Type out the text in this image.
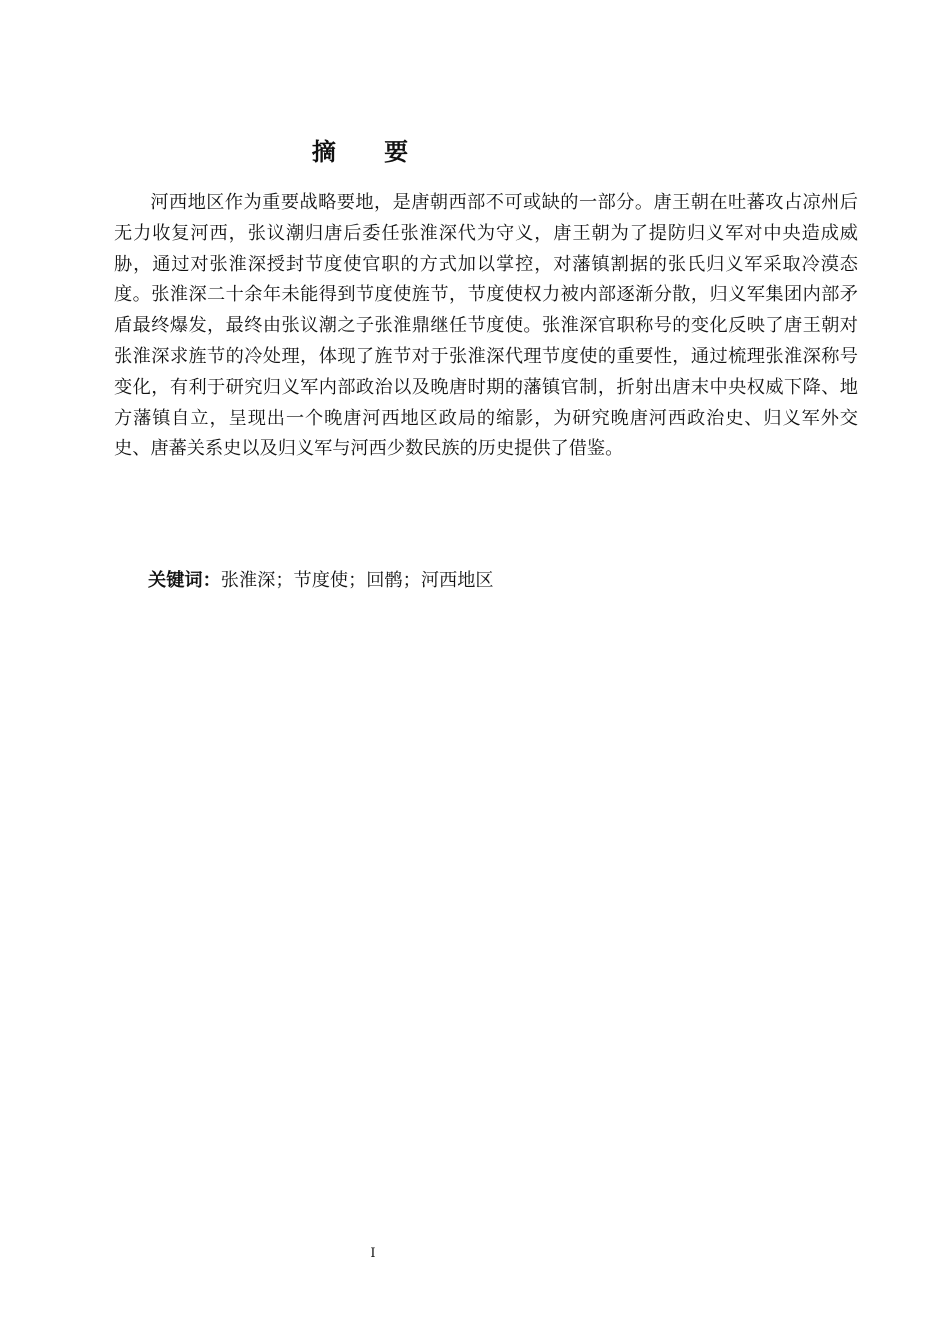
摘 要

河西地区作为重要战略要地，是唐朝西部不可或缺的一部分。唐王朝在吐蕃攻占凉州后无力收复河西，张议潮归唐后委任张淮深代为守义，唐王朝为了提防归义军对中央造成威胁，通过对张淮深授封节度使官职的方式加以掌控，对藩镇割据的张氏归义军采取冷漠态度。张淮深二十余年未能得到节度使旌节，节度使权力被内部逐渐分散，归义军集团内部矛盾最终爆发，最终由张议潮之子张淮鼎继任节度使。张淮深官职称号的变化反映了唐王朝对张淮深求旌节的冷处理，体现了旌节对于张淮深代理节度使的重要性，通过梳理张淮深称号变化，有利于研究归义军内部政治以及晚唐时期的藩镇官制，折射出唐末中央权威下降、地方藩镇自立，呈现出一个晚唐河西地区政局的缩影，为研究晚唐河西政治史、归义军外交史、唐蕃关系史以及归义军与河西少数民族的历史提供了借鉴。

关键词：张淮深；节度使；回鹘；河西地区

I
